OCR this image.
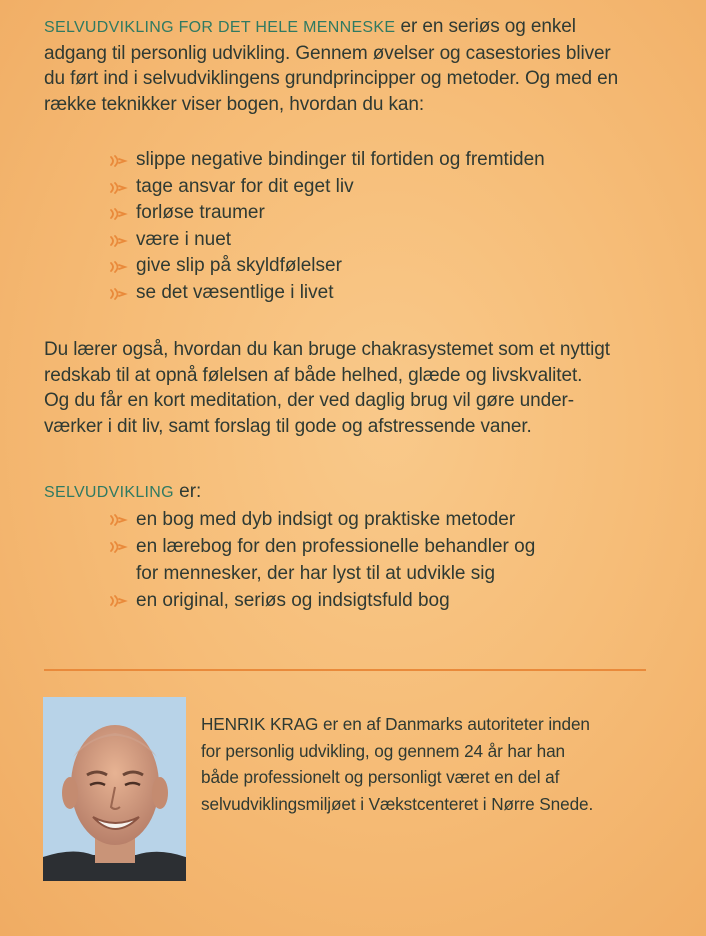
SELVUDVIKLING FOR DET HELE MENNESKE er en seriøs og enkel
adgang til personlig udvikling. Gennem øvelser og casestories bliver
du ført ind i selvudviklingens grundprincipper og metoder. Og med en
række teknikker viser bogen, hvordan du kan:
slippe negative bindinger til fortiden og fremtiden
tage ansvar for dit eget liv
forløse traumer
være i nuet
give slip på skyldfølelser
se det væsentlige i livet
Du lærer også, hvordan du kan bruge chakrasystemet som et nyttigt
redskab til at opnå følelsen af både helhed, glæde og livskvalitet.
Og du får en kort meditation, der ved daglig brug vil gøre under-
værker i dit liv, samt forslag til gode og afstressende vaner.
SELVUDVIKLING er:
en bog med dyb indsigt og praktiske metoder
en lærebog for den professionelle behandler og
for mennesker, der har lyst til at udvikle sig
en original, seriøs og indsigtsfuld bog
HENRIK KRAG er en af Danmarks autoriteter inden
for personlig udvikling, og gennem 24 år har han
både professionelt og personligt været en del af
selvudviklingsmiljøet i Vækstcenteret i Nørre Snede.
